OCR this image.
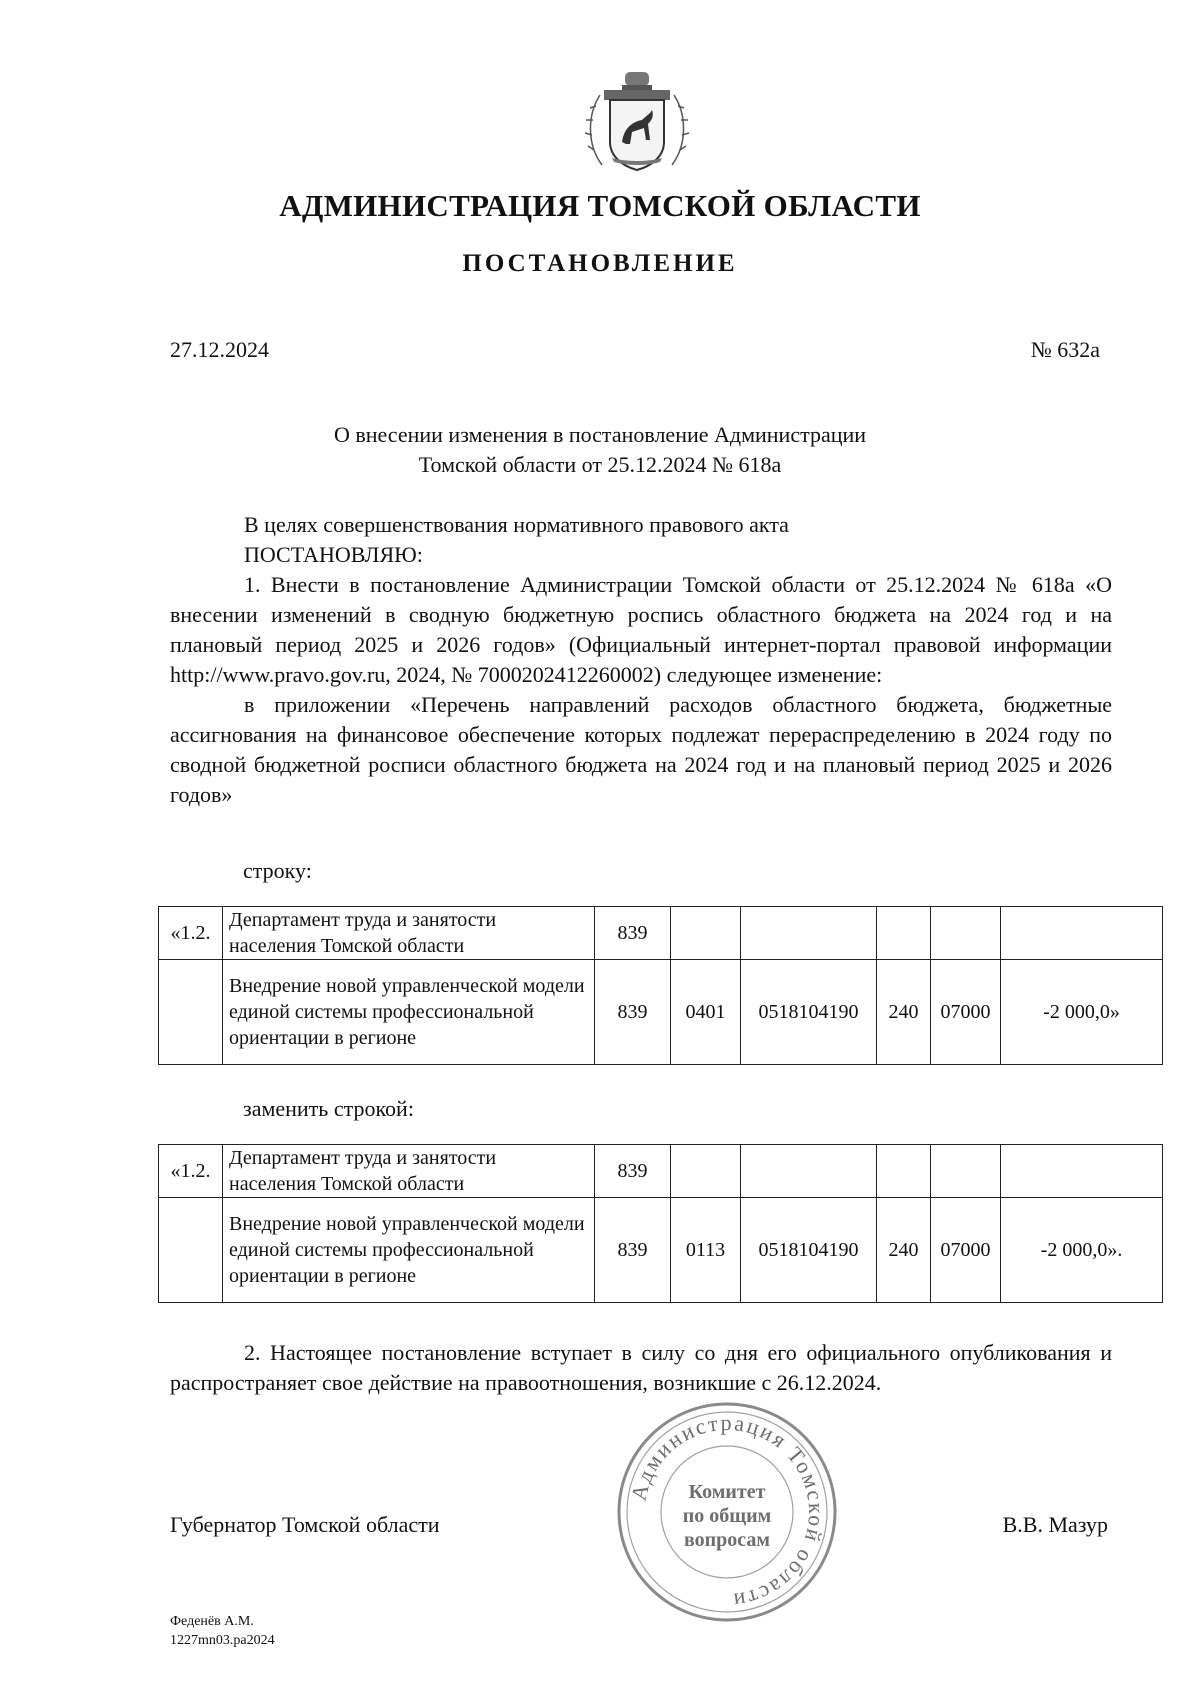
АДМИНИСТРАЦИЯ ТОМСКОЙ ОБЛАСТИ
ПОСТАНОВЛЕНИЕ
27.12.2024	№ 632а
О внесении изменения в постановление Администрации
Томской области от 25.12.2024 № 618а

В целях совершенствования нормативного правового акта

ПОСТАНОВЛЯЮ:

1. Внести в постановление Администрации Томской области от 25.12.2024 № 618а «О внесении изменений в сводную бюджетную роспись областного бюджета на 2024 год и на плановый период 2025 и 2026 годов» (Официальный интернет-портал правовой информации http://www.pravo.gov.ru, 2024, № 7000202412260002) следующее изменение:

в приложении «Перечень направлений расходов областного бюджета, бюджетные ассигнования на финансовое обеспечение которых подлежат перераспределению в 2024 году по сводной бюджетной росписи областного бюджета на 2024 год и на плановый период 2025 и 2026 годов»

строку:
«1.2.	Департамент труда и занятости населения Томской области	839					
	Внедрение новой управленческой модели единой системы профессиональной ориентации в регионе	839	0401	0518104190	240	07000	-2 000,0»
заменить строкой:
«1.2.	Департамент труда и занятости населения Томской области	839					
	Внедрение новой управленческой модели единой системы профессиональной ориентации в регионе	839	0113	0518104190	240	07000	-2 000,0».

2. Настоящее постановление вступает в силу со дня его официального опубликования и распространяет свое действие на правоотношения, возникшие с 26.12.2024.

Администрация Томской области
Комитет
по общим
вопросам
Губернатор Томской области	В.В. Мазур
Феденёв А.М.
1227mn03.pa2024
